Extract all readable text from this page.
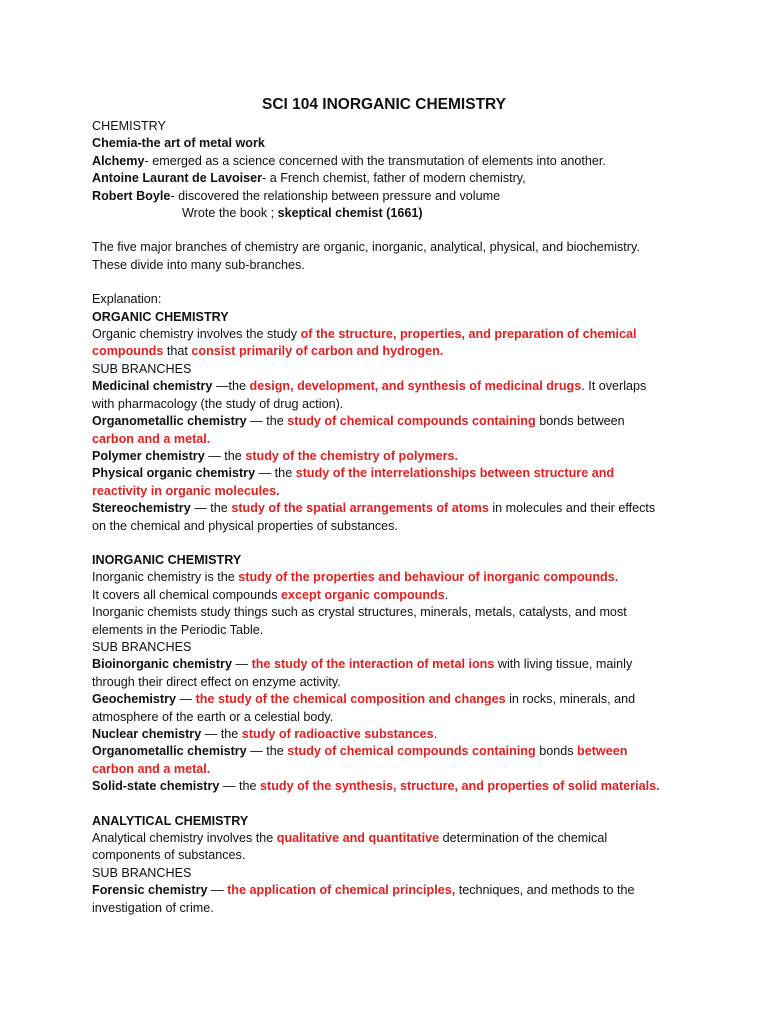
SCI 104 INORGANIC CHEMISTRY

CHEMISTRY

Chemia-the art of metal work

Alchemy- emerged as a science concerned with the transmutation of elements into another.

Antoine Laurant de Lavoiser- a French chemist, father of modern chemistry,

Robert Boyle- discovered the relationship between pressure and volume

Wrote the book ; skeptical chemist (1661)

The five major branches of chemistry are organic, inorganic, analytical, physical, and biochemistry. These divide into many sub-branches.

Explanation:

ORGANIC CHEMISTRY

Organic chemistry involves the study of the structure, properties, and preparation of chemical compounds that consist primarily of carbon and hydrogen.

SUB BRANCHES

Medicinal chemistry —the design, development, and synthesis of medicinal drugs. It overlaps with pharmacology (the study of drug action).

Organometallic chemistry — the study of chemical compounds containing bonds between carbon and a metal.

Polymer chemistry — the study of the chemistry of polymers.

Physical organic chemistry — the study of the interrelationships between structure and reactivity in organic molecules.

Stereochemistry — the study of the spatial arrangements of atoms in molecules and their effects on the chemical and physical properties of substances.

INORGANIC CHEMISTRY

Inorganic chemistry is the study of the properties and behaviour of inorganic compounds.

It covers all chemical compounds except organic compounds.

Inorganic chemists study things such as crystal structures, minerals, metals, catalysts, and most elements in the Periodic Table.

SUB BRANCHES

Bioinorganic chemistry — the study of the interaction of metal ions with living tissue, mainly through their direct effect on enzyme activity.

Geochemistry — the study of the chemical composition and changes in rocks, minerals, and atmosphere of the earth or a celestial body.

Nuclear chemistry — the study of radioactive substances.

Organometallic chemistry — the study of chemical compounds containing bonds between carbon and a metal.

Solid-state chemistry — the study of the synthesis, structure, and properties of solid materials.

ANALYTICAL CHEMISTRY

Analytical chemistry involves the qualitative and quantitative determination of the chemical components of substances.

SUB BRANCHES

Forensic chemistry — the application of chemical principles, techniques, and methods to the investigation of crime.
